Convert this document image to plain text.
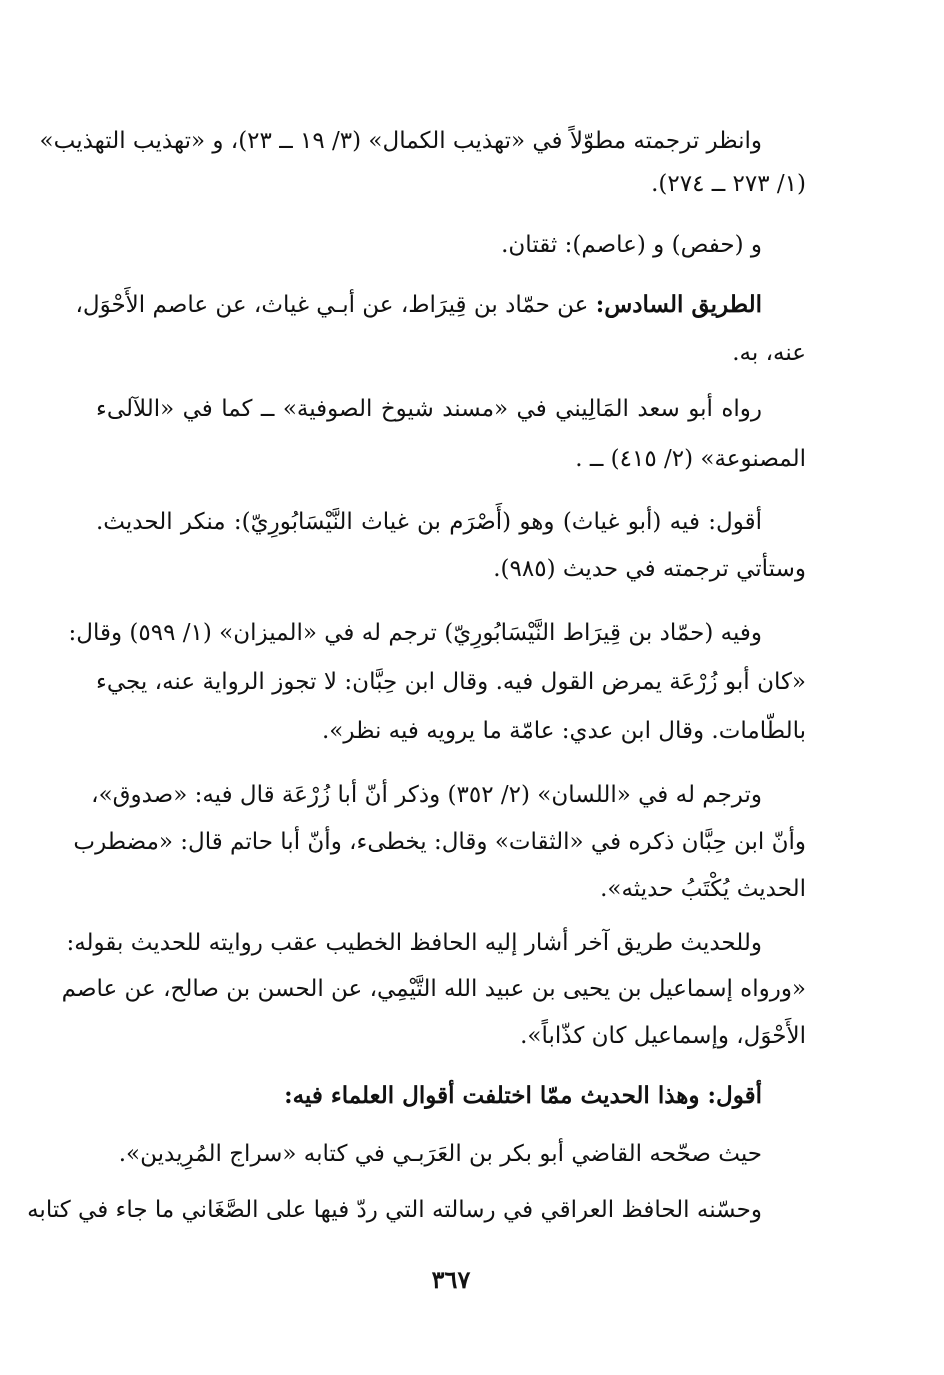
وانظر ترجمته مطوّلاً في «تهذيب الكمال» (٣/ ١٩ ــ ٢٣)، و «تهذيب التهذيب»
(١/ ٢٧٣ ــ ٢٧٤).
و (حفص) و (عاصم): ثقتان.
الطريق السادس: عن حمّاد بن قِيرَاط، عن أبـي غياث، عن عاصم الأَحْوَل،
عنه، به.
رواه أبو سعد المَالِيني في «مسند شيوخ الصوفية» ــ كما في «اللآلىء
المصنوعة» (٢/ ٤١٥) ــ .
أقول: فيه (أبو غياث) وهو (أَصْرَم بن غياث النَّيْسَابُورِيّ): منكر الحديث.
وستأتي ترجمته في حديث (٩٨٥).
وفيه (حمّاد بن قِيرَاط النَّيْسَابُورِيّ) ترجم له في «الميزان» (١/ ٥٩٩) وقال:
«كان أبو زُرْعَة يمرض القول فيه. وقال ابن حِبَّان: لا تجوز الرواية عنه، يجيء
بالطّامات. وقال ابن عدي: عامّة ما يرويه فيه نظر».
وترجم له في «اللسان» (٢/ ٣٥٢) وذكر أنّ أبا زُرْعَة قال فيه: «صدوق»،
وأنّ ابن حِبَّان ذكره في «الثقات» وقال: يخطىء، وأنّ أبا حاتم قال: «مضطرب
الحديث يُكْتَبُ حديثه».
وللحديث طريق آخر أشار إليه الحافظ الخطيب عقب روايته للحديث بقوله:
«ورواه إسماعيل بن يحيى بن عبيد الله التَّيْمِي، عن الحسن بن صالح، عن عاصم
الأَحْوَل، وإسماعيل كان كذّاباً».
أقول: وهذا الحديث ممّا اختلفت أقوال العلماء فيه:
حيث صحّحه القاضي أبو بكر بن العَرَبـي في كتابه «سراج المُرِيدين».
وحسّنه الحافظ العراقي في رسالته التي ردّ فيها على الصَّغَاني ما جاء في كتابه
٣٦٧
